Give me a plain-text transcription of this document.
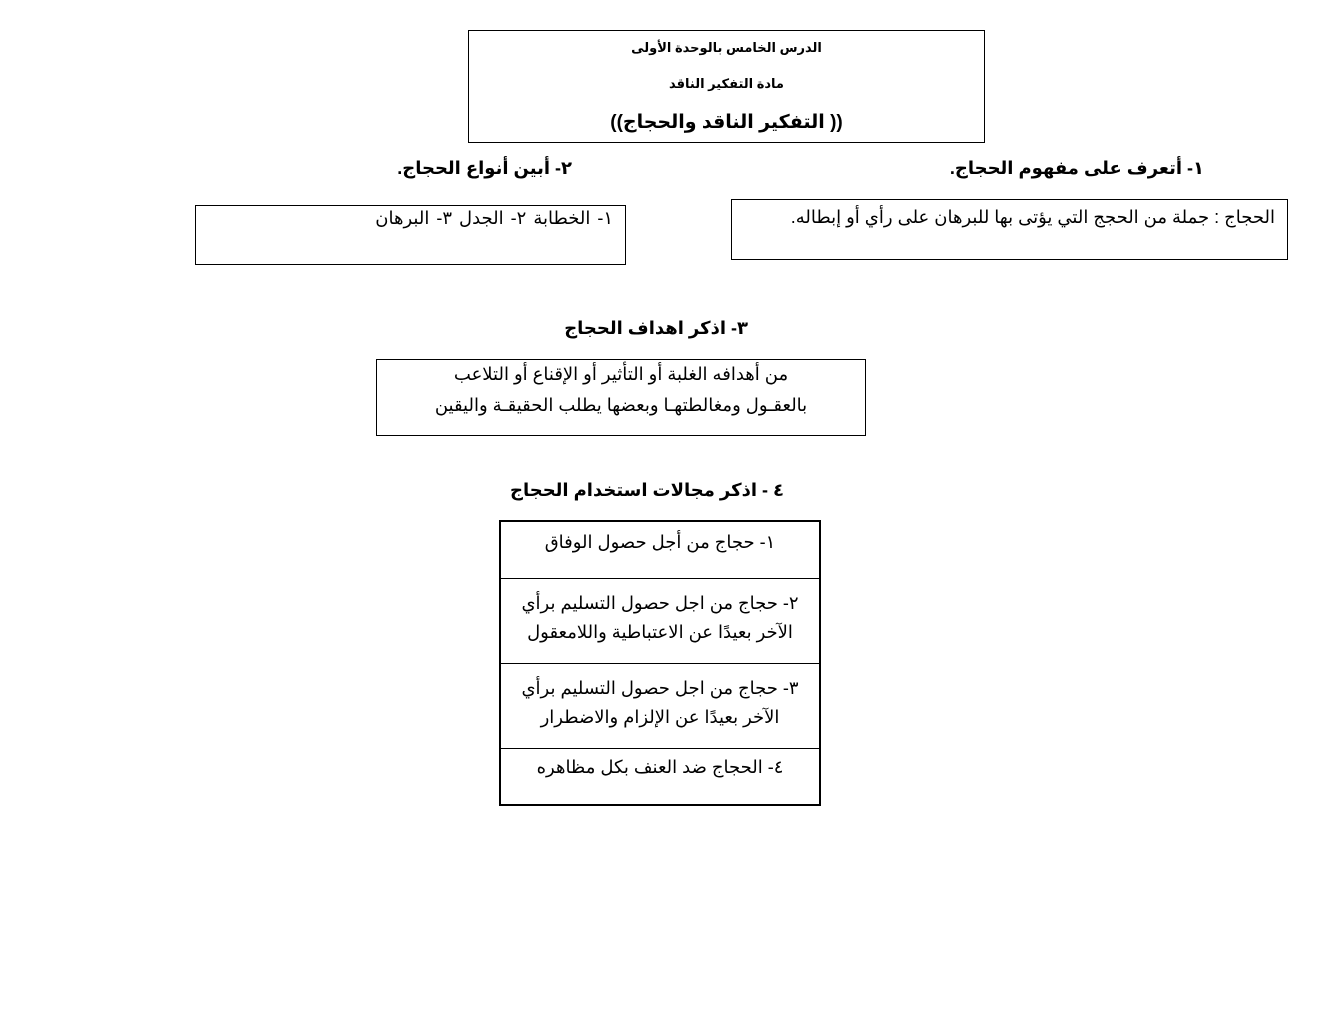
الدرس الخامس بالوحدة الأولى
مادة التفكير الناقد
(( التفكير الناقد والحجاج))
١- أتعرف على مفهوم الحجاج.
الحجاج : جملة من الحجج التي يؤتى بها للبرهان على رأي أو إبطاله.
٢- أبين أنواع الحجاج.
١- الخطابة ٢- الجدل ٣- البرهان
٣- اذكر اهداف الحجاج
من أهدافه الغلبة أو التأثير أو الإقناع أو التلاعب
بالعقـول ومغالطتهـا وبعضها يطلب الحقيقـة واليقين
٤ - اذكر مجالات استخدام الحجاج
١- حجاج من أجل حصول الوفاق
٢- حجاج من اجل حصول التسليم برأي
الآخر بعيدًا عن الاعتباطية واللامعقول
٣- حجاج من اجل حصول التسليم برأي
الآخر بعيدًا عن الإلزام والاضطرار
٤- الحجاج ضد العنف بكل مظاهره
